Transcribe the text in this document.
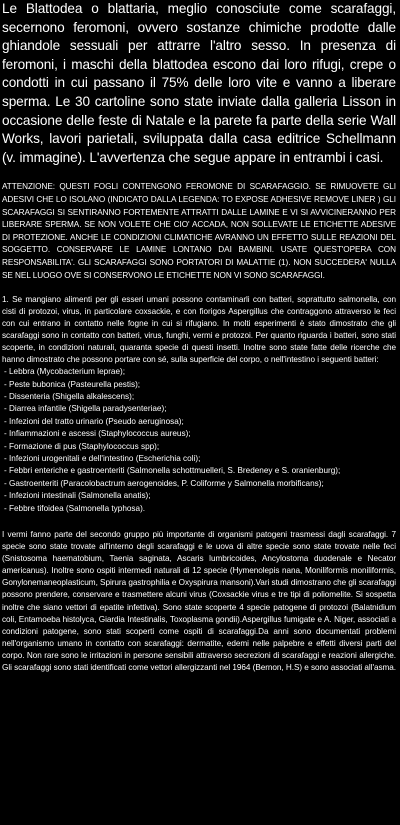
Le Blattodea o blattaria, meglio conosciute come scarafaggi, secernono feromoni, ovvero sostanze chimiche prodotte dalle ghiandole sessuali per attrarre l'altro sesso. In presenza di feromoni, i maschi della blattodea escono dai loro rifugi, crepe o condotti in cui passano il 75% delle loro vite e vanno a liberare sperma. Le 30 cartoline sono state inviate dalla galleria Lisson in occasione delle feste di Natale e la parete fa parte della serie Wall Works, lavori parietali, sviluppata dalla casa editrice Schellmann (v. immagine). L'avvertenza che segue appare in entrambi i casi.

ATTENZIONE: QUESTI FOGLI CONTENGONO FEROMONE DI SCARAFAGGIO. SE RIMUOVETE GLI ADESIVI CHE LO ISOLANO (INDICATO DALLA LEGENDA: TO EXPOSE ADHESIVE REMOVE LINER ) GLI SCARAFAGGI SI SENTIRANNO FORTEMENTE ATTRATTI DALLE LAMINE E VI SI AVVICINERANNO PER LIBERARE SPERMA. SE NON VOLETE CHE CIO' ACCADA, NON SOLLEVATE LE ETICHETTE ADESIVE DI PROTEZIONE. ANCHE LE CONDIZIONI CLIMATICHE AVRANNO UN EFFETTO SULLE REAZIONI DEL SOGGETTO. CONSERVARE LE LAMINE LONTANO DAI BAMBINI. USATE QUEST'OPERA CON RESPONSABILITA'. GLI SCARAFAGGI SONO PORTATORI DI MALATTIE (1). NON SUCCEDERA' NULLA SE NEL LUOGO OVE SI CONSERVONO LE ETICHETTE NON VI SONO SCARAFAGGI.

1. Se mangiano alimenti per gli esseri umani possono contaminarli con batteri, soprattutto salmonella, con cisti di protozoi, virus, in particolare coxsackie, e con fiorigos Aspergillus che contraggono attraverso le feci con cui entrano in contatto nelle fogne in cui si rifugiano. In molti esperimenti è stato dimostrato che gli scarafaggi sono in contatto con batteri, virus, funghi, vermi e protozoi. Per quanto riguarda i batteri, sono stati scoperte, in condizioni naturali, quaranta specie di questi insetti. Inoltre sono state fatte delle ricerche che hanno dimostrato che possono portare con sé, sulla superficie del corpo, o nell'intestino i seguenti batteri:

- Lebbra (Mycobacterium leprae);
- Peste bubonica (Pasteurella pestis);
- Dissenteria (Shigella alkalescens);
- Diarrea infantile (Shigella paradysenteriae);
- Infezioni del tratto urinario (Pseudo aeruginosa);
- Infiammazioni e ascessi (Staphylococcus aureus);
- Formazione di pus (Staphylococcus spp);
- Infezioni urogenitali e dell'intestino (Escherichia coli);
- Febbri enteriche e gastroenteriti (Salmonella schottmuelleri, S. Bredeney e S. oranienburg);
- Gastroenteriti (Paracolobactrum aerogenoides, P. Coliforme y Salmonella morbificans);
- Infezioni intestinali (Salmonella anatis);
- Febbre tifoidea (Salmonella typhosa).

I vermi fanno parte del secondo gruppo più importante di organismi patogeni trasmessi dagli scarafaggi. 7 specie sono state trovate all'interno degli scarafaggi e le uova di altre specie sono state trovate nelle feci (Snistosoma haematobium, Taenia saginata, Ascaris lumbricoides, Ancylostoma duodenale e Necator americanus). Inoltre sono ospiti intermedi naturali di 12 specie (Hymenolepis nana, Moniliformis moniliformis, Gonylonemaneoplasticum, Spirura gastrophilia e Oxyspirura mansoni).Vari studi dimostrano che gli scarafaggi possono prendere, conservare e trasmettere alcuni virus (Coxsackie virus e tre tipi di poliomelite. Si sospetta inoltre che siano vettori di epatite infettiva). Sono state scoperte 4 specie patogene di protozoi (Balatnidium coli, Entamoeba histolyca, Giardia Intestinalis, Toxoplasma gondii).Aspergillus fumigate e A. Niger, associati a condizioni patogene, sono stati scoperti come ospiti di scarafaggi.Da anni sono documentati problemi nell'organismo umano in contatto con scarafaggi: dermatite, edemi nelle palpebre e effetti diversi parti del corpo. Non rare sono le irritazioni in persone sensibili attraverso secrezioni di scarafaggi e reazioni allergiche. Gli scarafaggi sono stati identificati come vettori allergizzanti nel 1964 (Bernon, H.S) e sono associati all'asma.
